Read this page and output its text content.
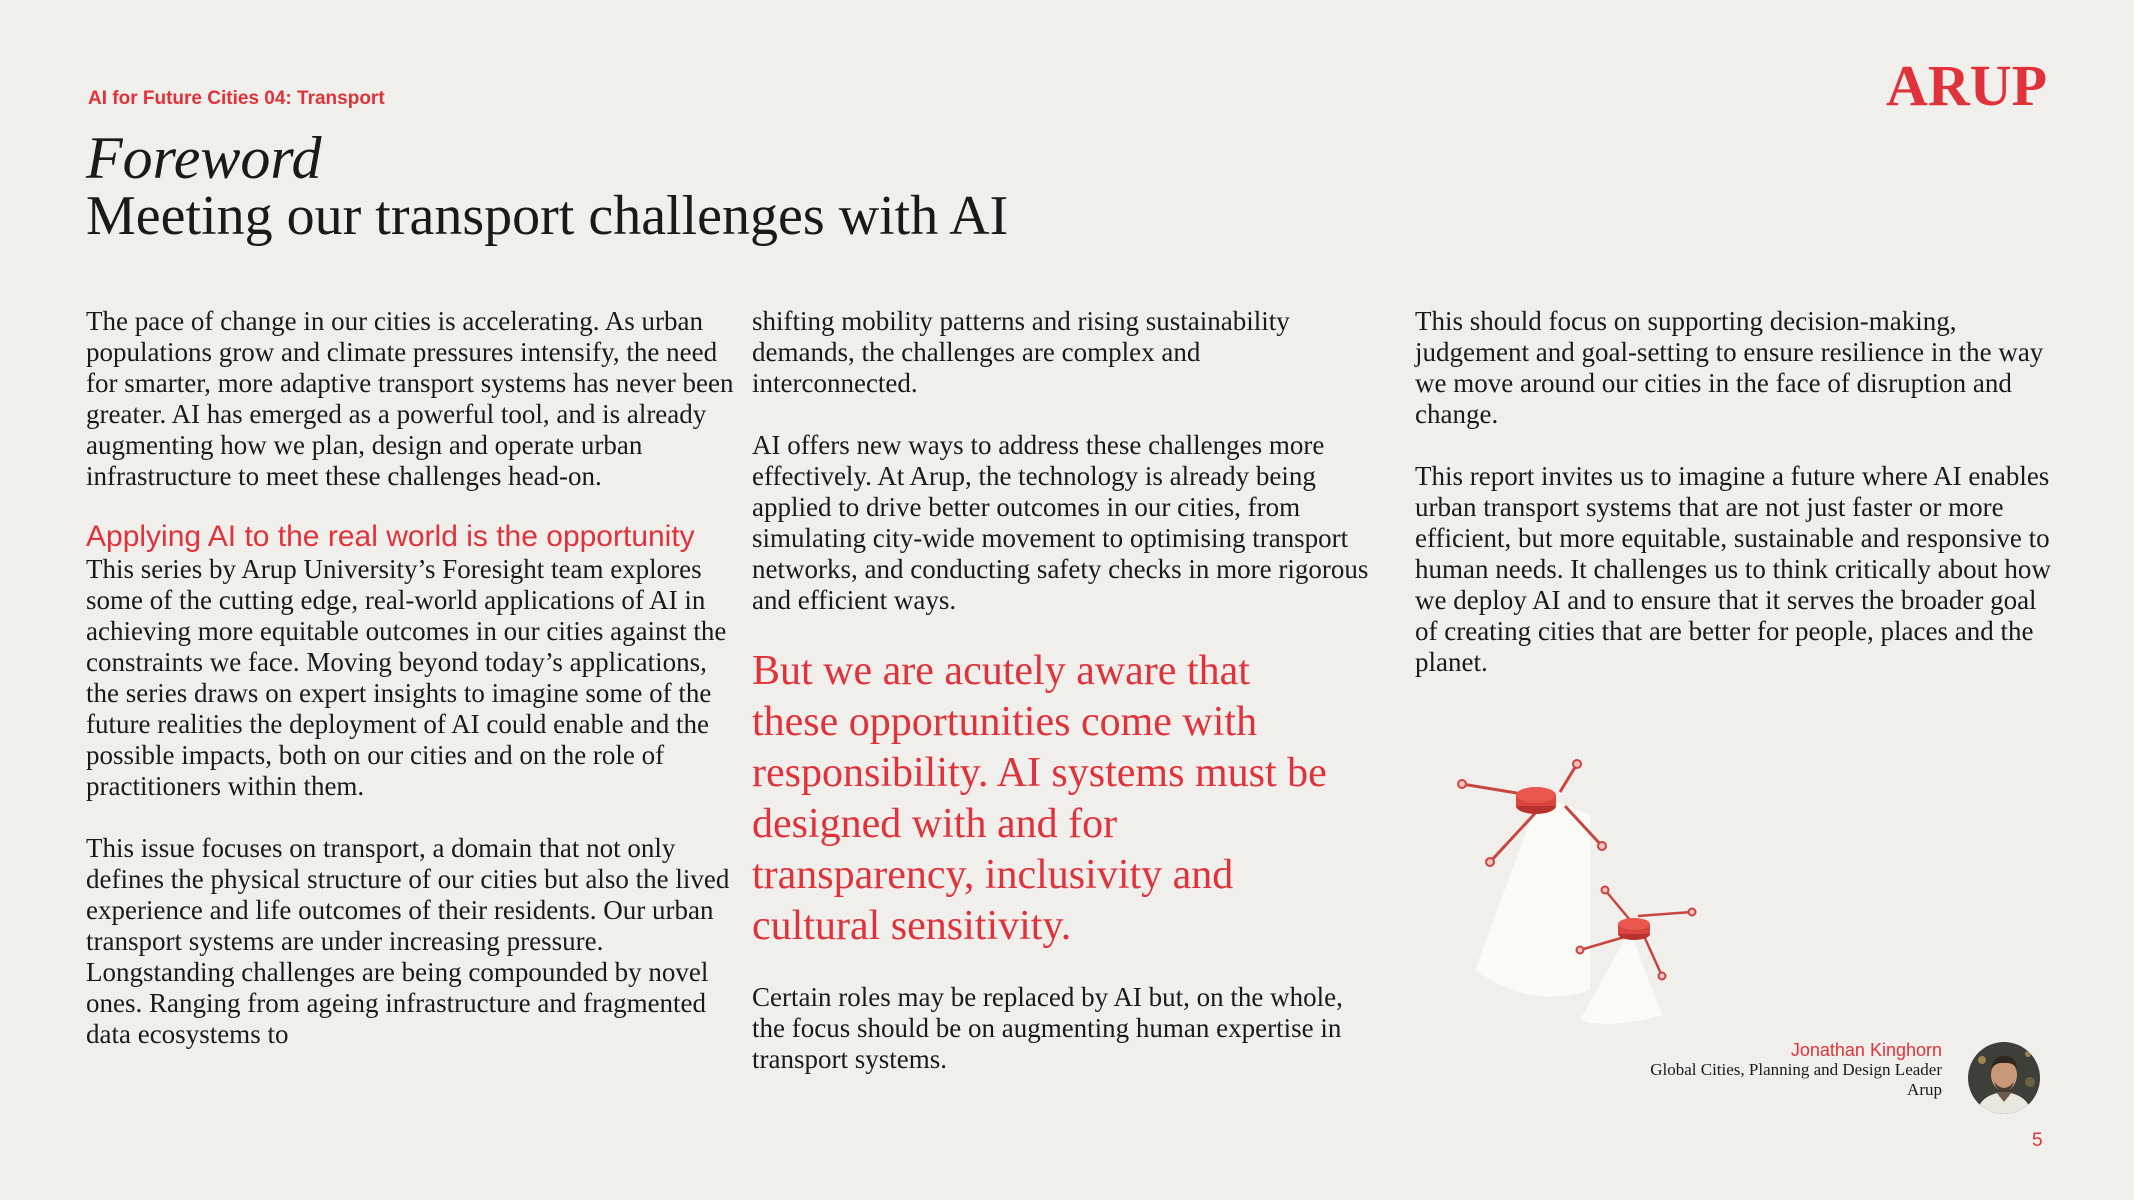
AI for Future Cities 04: Transport	ARUP
Foreword
Meeting our transport challenges with AI

The pace of change in our cities is accelerating. As urban populations grow and climate pressures intensify, the need for smarter, more adaptive transport systems has never been greater. AI has emerged as a powerful tool, and is already augmenting how we plan, design and operate urban infrastructure to meet these challenges head-on.

Applying AI to the real world is the opportunity

This series by Arup University’s Foresight team explores some of the cutting edge, real-world applications of AI in achieving more equitable outcomes in our cities against the constraints we face. Moving beyond today’s applications, the series draws on expert insights to imagine some of the future realities the deployment of AI could enable and the possible impacts, both on our cities and on the role of practitioners within them.

This issue focuses on transport, a domain that not only defines the physical structure of our cities but also the lived experience and life outcomes of their residents. Our urban transport systems are under increasing pressure. Longstanding challenges are being compounded by novel ones. Ranging from ageing infrastructure and fragmented data ecosystems to

shifting mobility patterns and rising sustainability demands, the challenges are complex and interconnected.

AI offers new ways to address these challenges more effectively. At Arup, the technology is already being applied to drive better outcomes in our cities, from simulating city-wide movement to optimising transport networks, and conducting safety checks in more rigorous and efficient ways.

But we are acutely aware that these opportunities come with responsibility. AI systems must be designed with and for transparency, inclusivity and cultural sensitivity.

Certain roles may be replaced by AI but, on the whole, the focus should be on augmenting human expertise in transport systems.

This should focus on supporting decision-making, judgement and goal-setting to ensure resilience in the way we move around our cities in the face of disruption and change.

This report invites us to imagine a future where AI enables urban transport systems that are not just faster or more efficient, but more equitable, sustainable and responsive to human needs. It challenges us to think critically about how we deploy AI and to ensure that it serves the broader goal of creating cities that are better for people, places and the planet.

Jonathan Kinghorn
Global Cities, Planning and Design Leader
Arup
5
